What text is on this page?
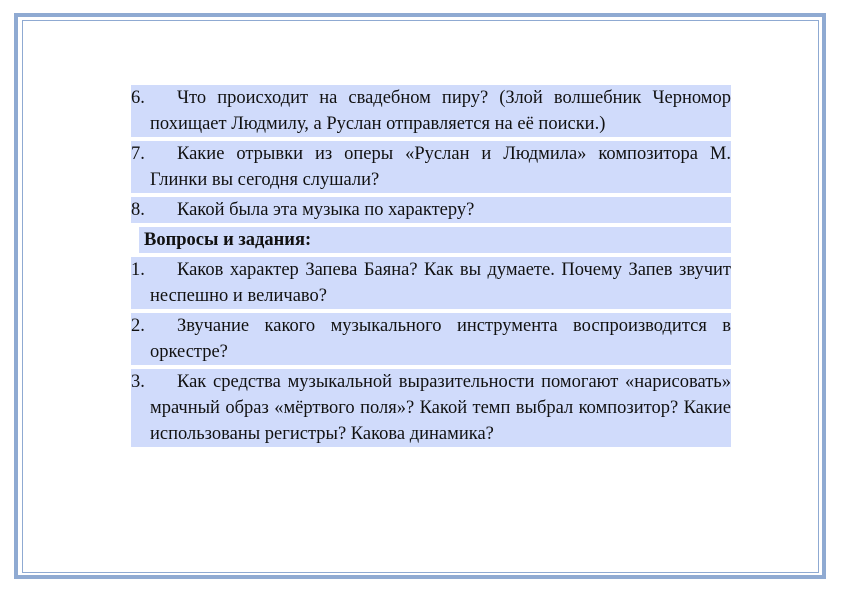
6.	Что происходит на свадебном пиру? (Злой волшебник Черномор похищает Людмилу, а Руслан отправляется на её поиски.)
7.	Какие отрывки из оперы «Руслан и Людмила» композитора М. Глинки вы сегодня слушали?
8.	Какой была эта музыка по характеру?
Вопросы и задания:
1.	Каков характер Запева Баяна? Как вы думаете. Почему Запев звучит неспешно и величаво?
2.	Звучание какого музыкального инструмента воспроизводится в оркестре?
3.	Как средства музыкальной выразительности помогают «нарисовать» мрачный образ «мёртвого поля»? Какой темп выбрал композитор? Какие использованы регистры? Какова динамика?
